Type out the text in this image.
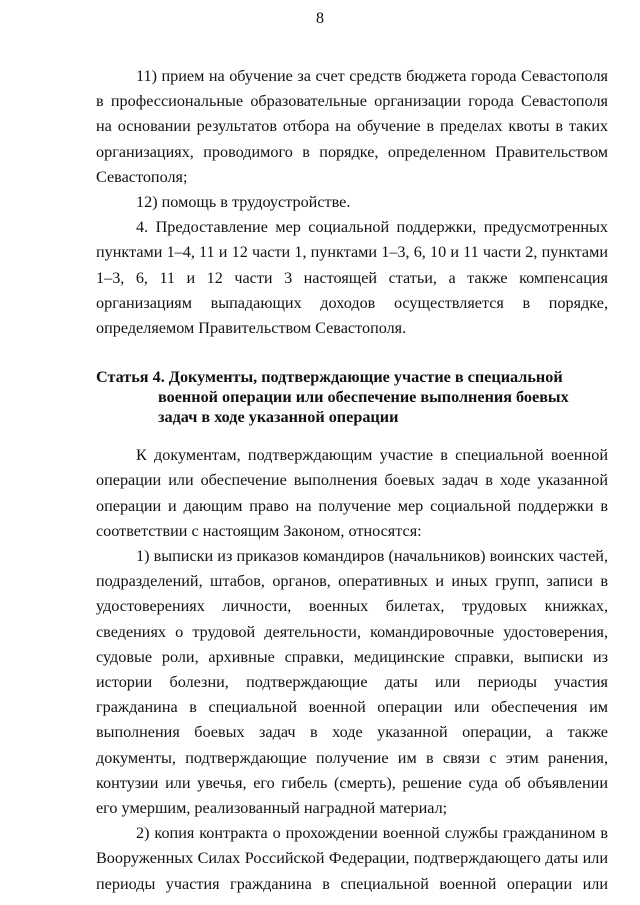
8

11) прием на обучение за счет средств бюджета города Севастополя в профессиональные образовательные организации города Севастополя на основании результатов отбора на обучение в пределах квоты в таких организациях, проводимого в порядке, определенном Правительством Севастополя;

12) помощь в трудоустройстве.

4. Предоставление мер социальной поддержки, предусмотренных пунктами 1–4, 11 и 12 части 1, пунктами 1–3, 6, 10 и 11 части 2, пунктами 1–3, 6, 11 и 12 части 3 настоящей статьи, а также компенсация организациям выпадающих доходов осуществляется в порядке, определяемом Правительством Севастополя.

Статья 4. Документы, подтверждающие участие в специальной военной операции или обеспечение выполнения боевых задач в ходе указанной операции

К документам, подтверждающим участие в специальной военной операции или обеспечение выполнения боевых задач в ходе указанной операции и дающим право на получение мер социальной поддержки в соответствии с настоящим Законом, относятся:

1) выписки из приказов командиров (начальников) воинских частей, подразделений, штабов, органов, оперативных и иных групп, записи в удостоверениях личности, военных билетах, трудовых книжках, сведениях о трудовой деятельности, командировочные удостоверения, судовые роли, архивные справки, медицинские справки, выписки из истории болезни, подтверждающие даты или периоды участия гражданина в специальной военной операции или обеспечения им выполнения боевых задач в ходе указанной операции, а также документы, подтверждающие получение им в связи с этим ранения, контузии или увечья, его гибель (смерть), решение суда об объявлении его умершим, реализованный наградной материал;

2) копия контракта о прохождении военной службы гражданином в Вооруженных Силах Российской Федерации, подтверждающего даты или периоды участия гражданина в специальной военной операции или
